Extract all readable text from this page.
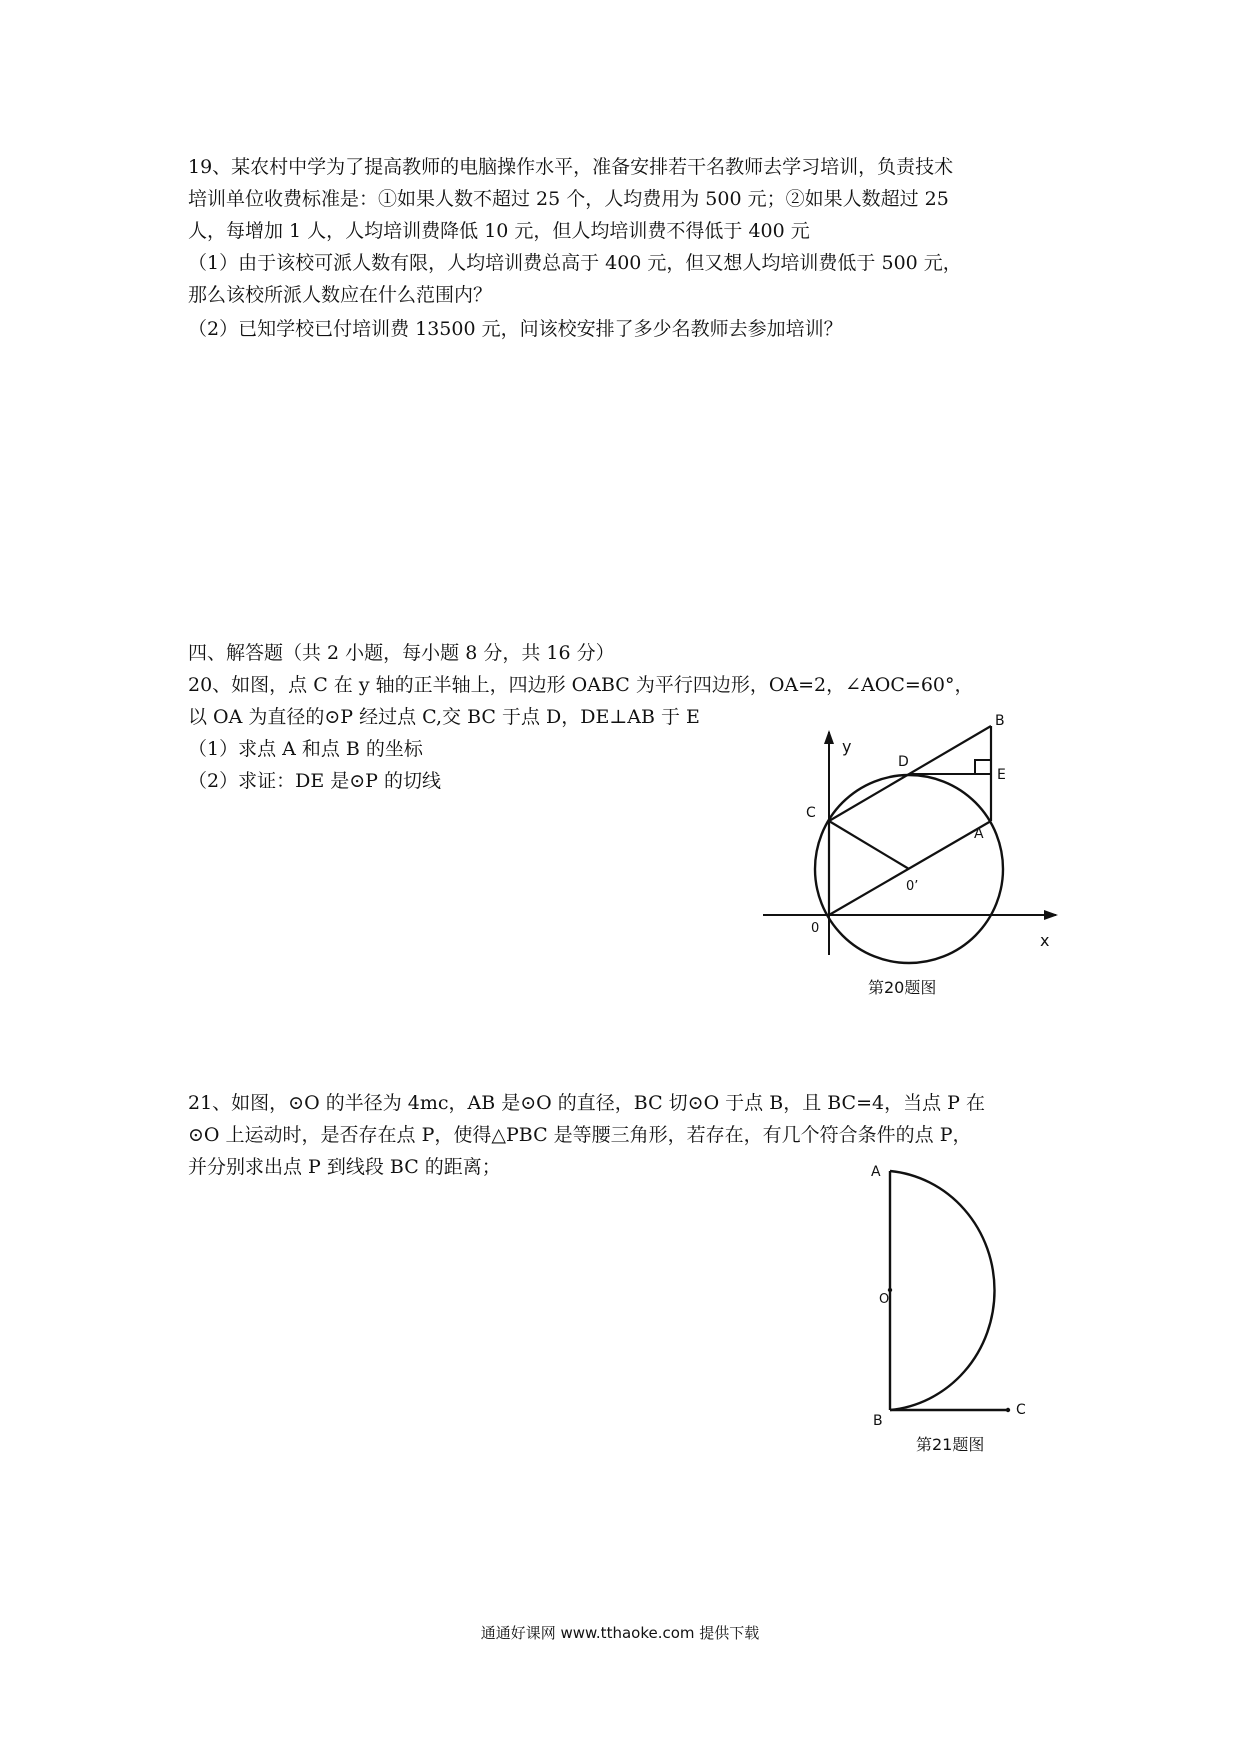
19、某农村中学为了提高教师的电脑操作水平，准备安排若干名教师去学习培训，负责技术
培训单位收费标准是：①如果人数不超过 25 个，人均费用为 500 元；②如果人数超过 25
人，每增加 1 人，人均培训费降低 10 元，但人均培训费不得低于 400 元
（1）由于该校可派人数有限，人均培训费总高于 400 元，但又想人均培训费低于 500 元，
那么该校所派人数应在什么范围内？
（2）已知学校已付培训费 13500 元，问该校安排了多少名教师去参加培训？
四、解答题（共 2 小题，每小题 8 分，共 16 分）
20、如图，点 C 在 y 轴的正半轴上，四边形 OABC 为平行四边形，OA=2，∠AOC=60°，
以 OA 为直径的⊙P 经过点 C,交 BC 于点 D，DE⊥AB 于 E
（1）求点 A 和点 B 的坐标
（2）求证：DE 是⊙P 的切线
y
x
0
C
D
B
E
A
0’
第20题图
21、如图，⊙O 的半径为 4mc，AB 是⊙O 的直径，BC 切⊙O 于点 B，且 BC=4，当点 P 在
⊙O 上运动时，是否存在点 P，使得△PBC 是等腰三角形，若存在，有几个符合条件的点 P，
并分别求出点 P 到线段 BC 的距离；	A
O
B
C
第21题图
通通好课网 www.tthaoke.com 提供下载
